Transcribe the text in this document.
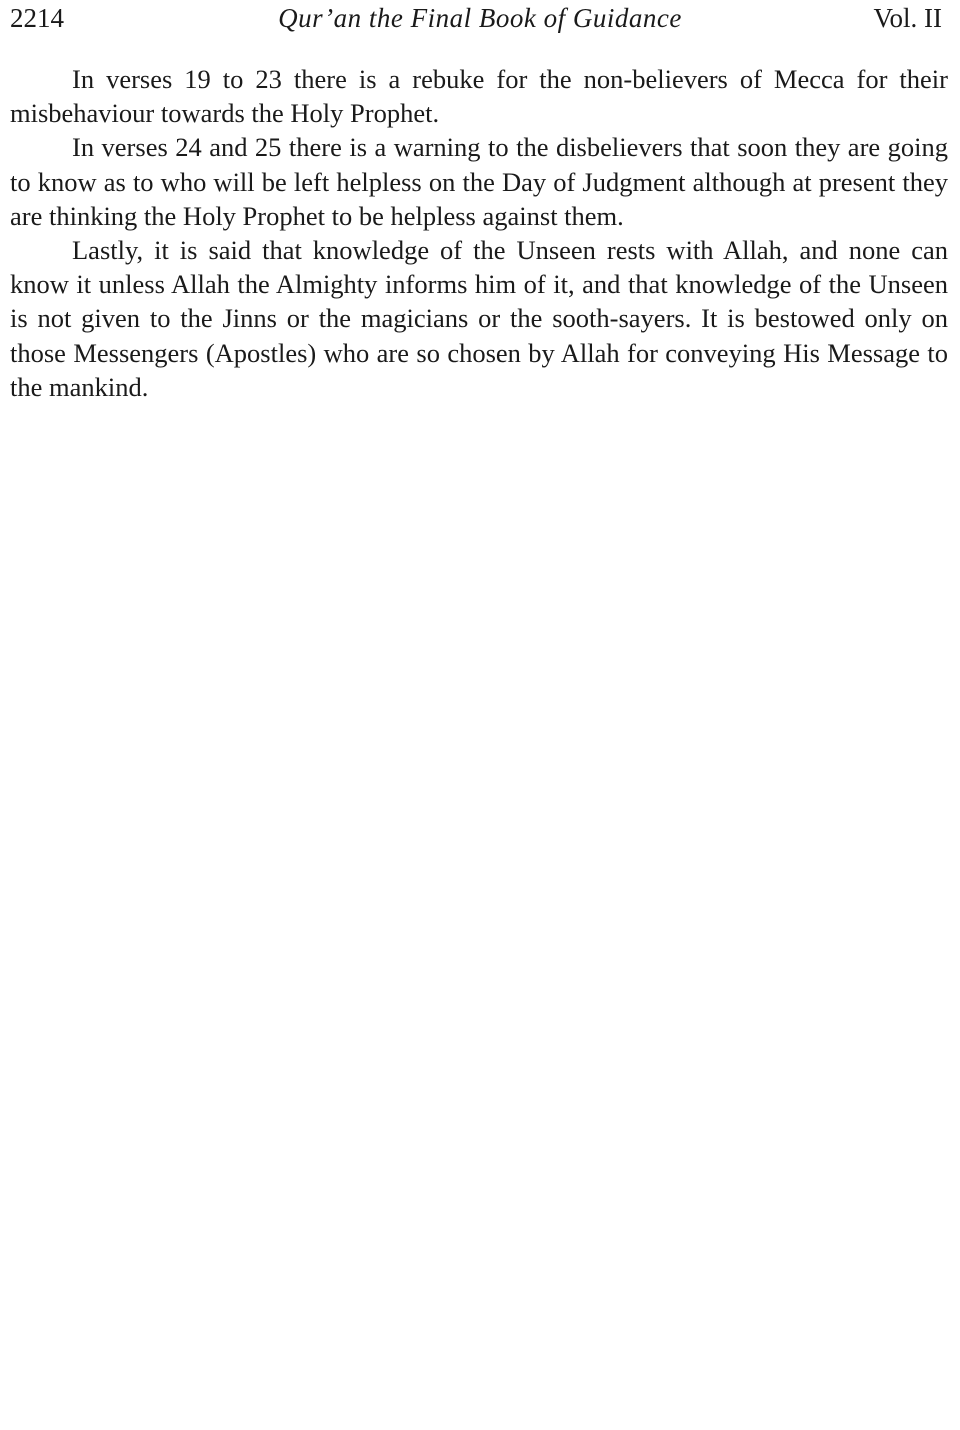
2214	Qur’an the Final Book of Guidance	Vol. II

In verses 19 to 23 there is a rebuke for the non-believers of Mecca for their misbehaviour towards the Holy Prophet.

In verses 24 and 25 there is a warning to the disbelievers that soon they are going to know as to who will be left helpless on the Day of Judgment although at present they are thinking the Holy Prophet to be helpless against them.

Lastly, it is said that knowledge of the Unseen rests with Allah, and none can know it unless Allah the Almighty informs him of it, and that knowledge of the Unseen is not given to the Jinns or the magicians or the sooth-sayers. It is bestowed only on those Messengers (Apostles) who are so chosen by Allah for conveying His Message to the mankind.
